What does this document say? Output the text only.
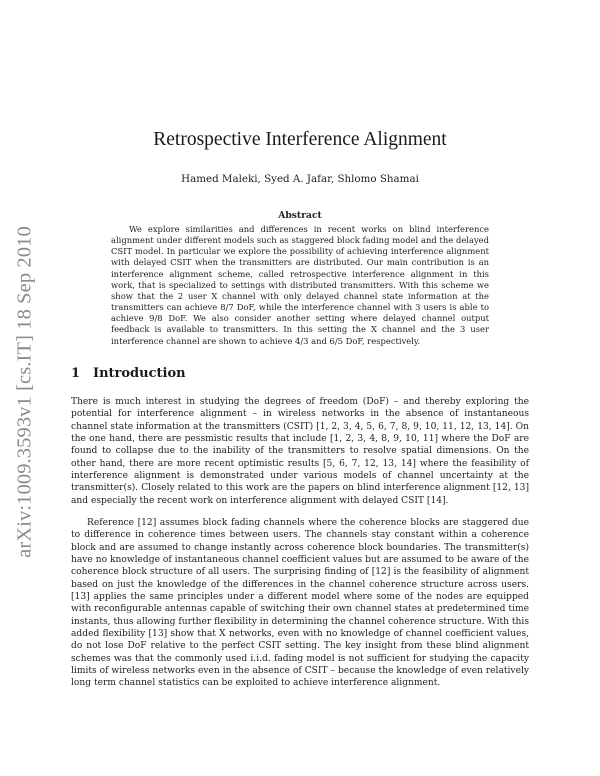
arXiv:1009.3593v1 [cs.IT] 18 Sep 2010
Retrospective Interference Alignment
Hamed Maleki, Syed A. Jafar, Shlomo Shamai
Abstract

We explore similarities and differences in recent works on blind interference alignment under different models such as staggered block fading model and the delayed CSIT model. In particular we explore the possibility of achieving interference alignment with delayed CSIT when the transmitters are distributed. Our main contribution is an interference alignment scheme, called retrospective interference alignment in this work, that is specialized to settings with distributed transmitters. With this scheme we show that the 2 user X channel with only delayed channel state information at the transmitters can achieve 8/7 DoF, while the interference channel with 3 users is able to achieve 9/8 DoF. We also consider another setting where delayed channel output feedback is available to transmitters. In this setting the X channel and the 3 user interference channel are shown to achieve 4/3 and 6/5 DoF, respectively.

1 Introduction

There is much interest in studying the degrees of freedom (DoF) – and thereby exploring the potential for interference alignment – in wireless networks in the absence of instantaneous channel state information at the transmitters (CSIT) [1, 2, 3, 4, 5, 6, 7, 8, 9, 10, 11, 12, 13, 14]. On the one hand, there are pessmistic results that include [1, 2, 3, 4, 8, 9, 10, 11] where the DoF are found to collapse due to the inability of the transmitters to resolve spatial dimensions. On the other hand, there are more recent optimistic results [5, 6, 7, 12, 13, 14] where the feasibility of interference alignment is demonstrated under various models of channel uncertainty at the transmitter(s). Closely related to this work are the papers on blind interference alignment [12, 13] and especially the recent work on interference alignment with delayed CSIT [14].

Reference [12] assumes block fading channels where the coherence blocks are staggered due to difference in coherence times between users. The channels stay constant within a coherence block and are assumed to change instantly across coherence block boundaries. The transmitter(s) have no knowledge of instantaneous channel coefficient values but are assumed to be aware of the coherence block structure of all users. The surprising finding of [12] is the feasibility of alignment based on just the knowledge of the differences in the channel coherence structure across users. [13] applies the same principles under a different model where some of the nodes are equipped with reconfigurable antennas capable of switching their own channel states at predetermined time instants, thus allowing further flexibility in determining the channel coherence structure. With this added flexibility [13] show that X networks, even with no knowledge of channel coefficient values, do not lose DoF relative to the perfect CSIT setting. The key insight from these blind alignment schemes was that the commonly used i.i.d. fading model is not sufficient for studying the capacity limits of wireless networks even in the absence of CSIT – because the knowledge of even relatively long term channel statistics can be exploited to achieve interference alignment.
